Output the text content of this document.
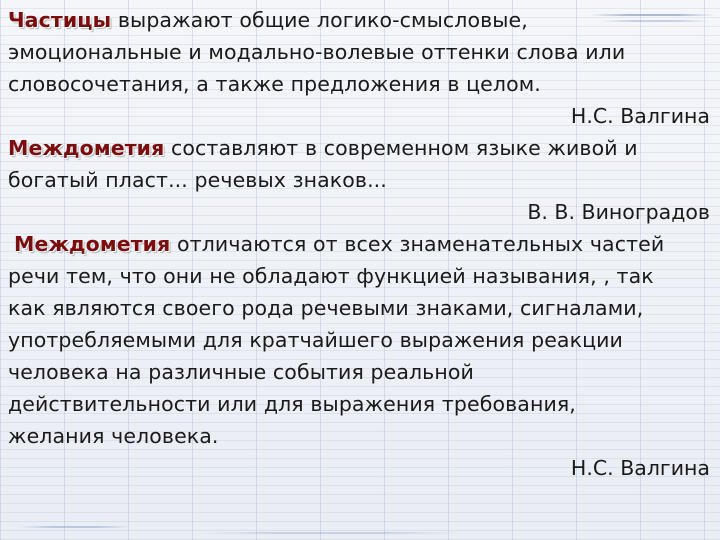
Частицы выражают общие логико-смысловые,

эмоциональные и модально-волевые оттенки слова или

словосочетания, а также предложения в целом.

Н.С. Валгина

Междометия составляют в современном языке живой и

богатый пласт... речевых знаков...

В. В. Виноградов

Междометия отличаются от всех знаменательных частей

речи тем, что они не обладают функцией называния, , так

как являются своего рода речевыми знаками, сигналами,

употребляемыми для кратчайшего выражения реакции

человека на различные события реальной

действительности или для выражения требования,

желания человека.

Н.С. Валгина
